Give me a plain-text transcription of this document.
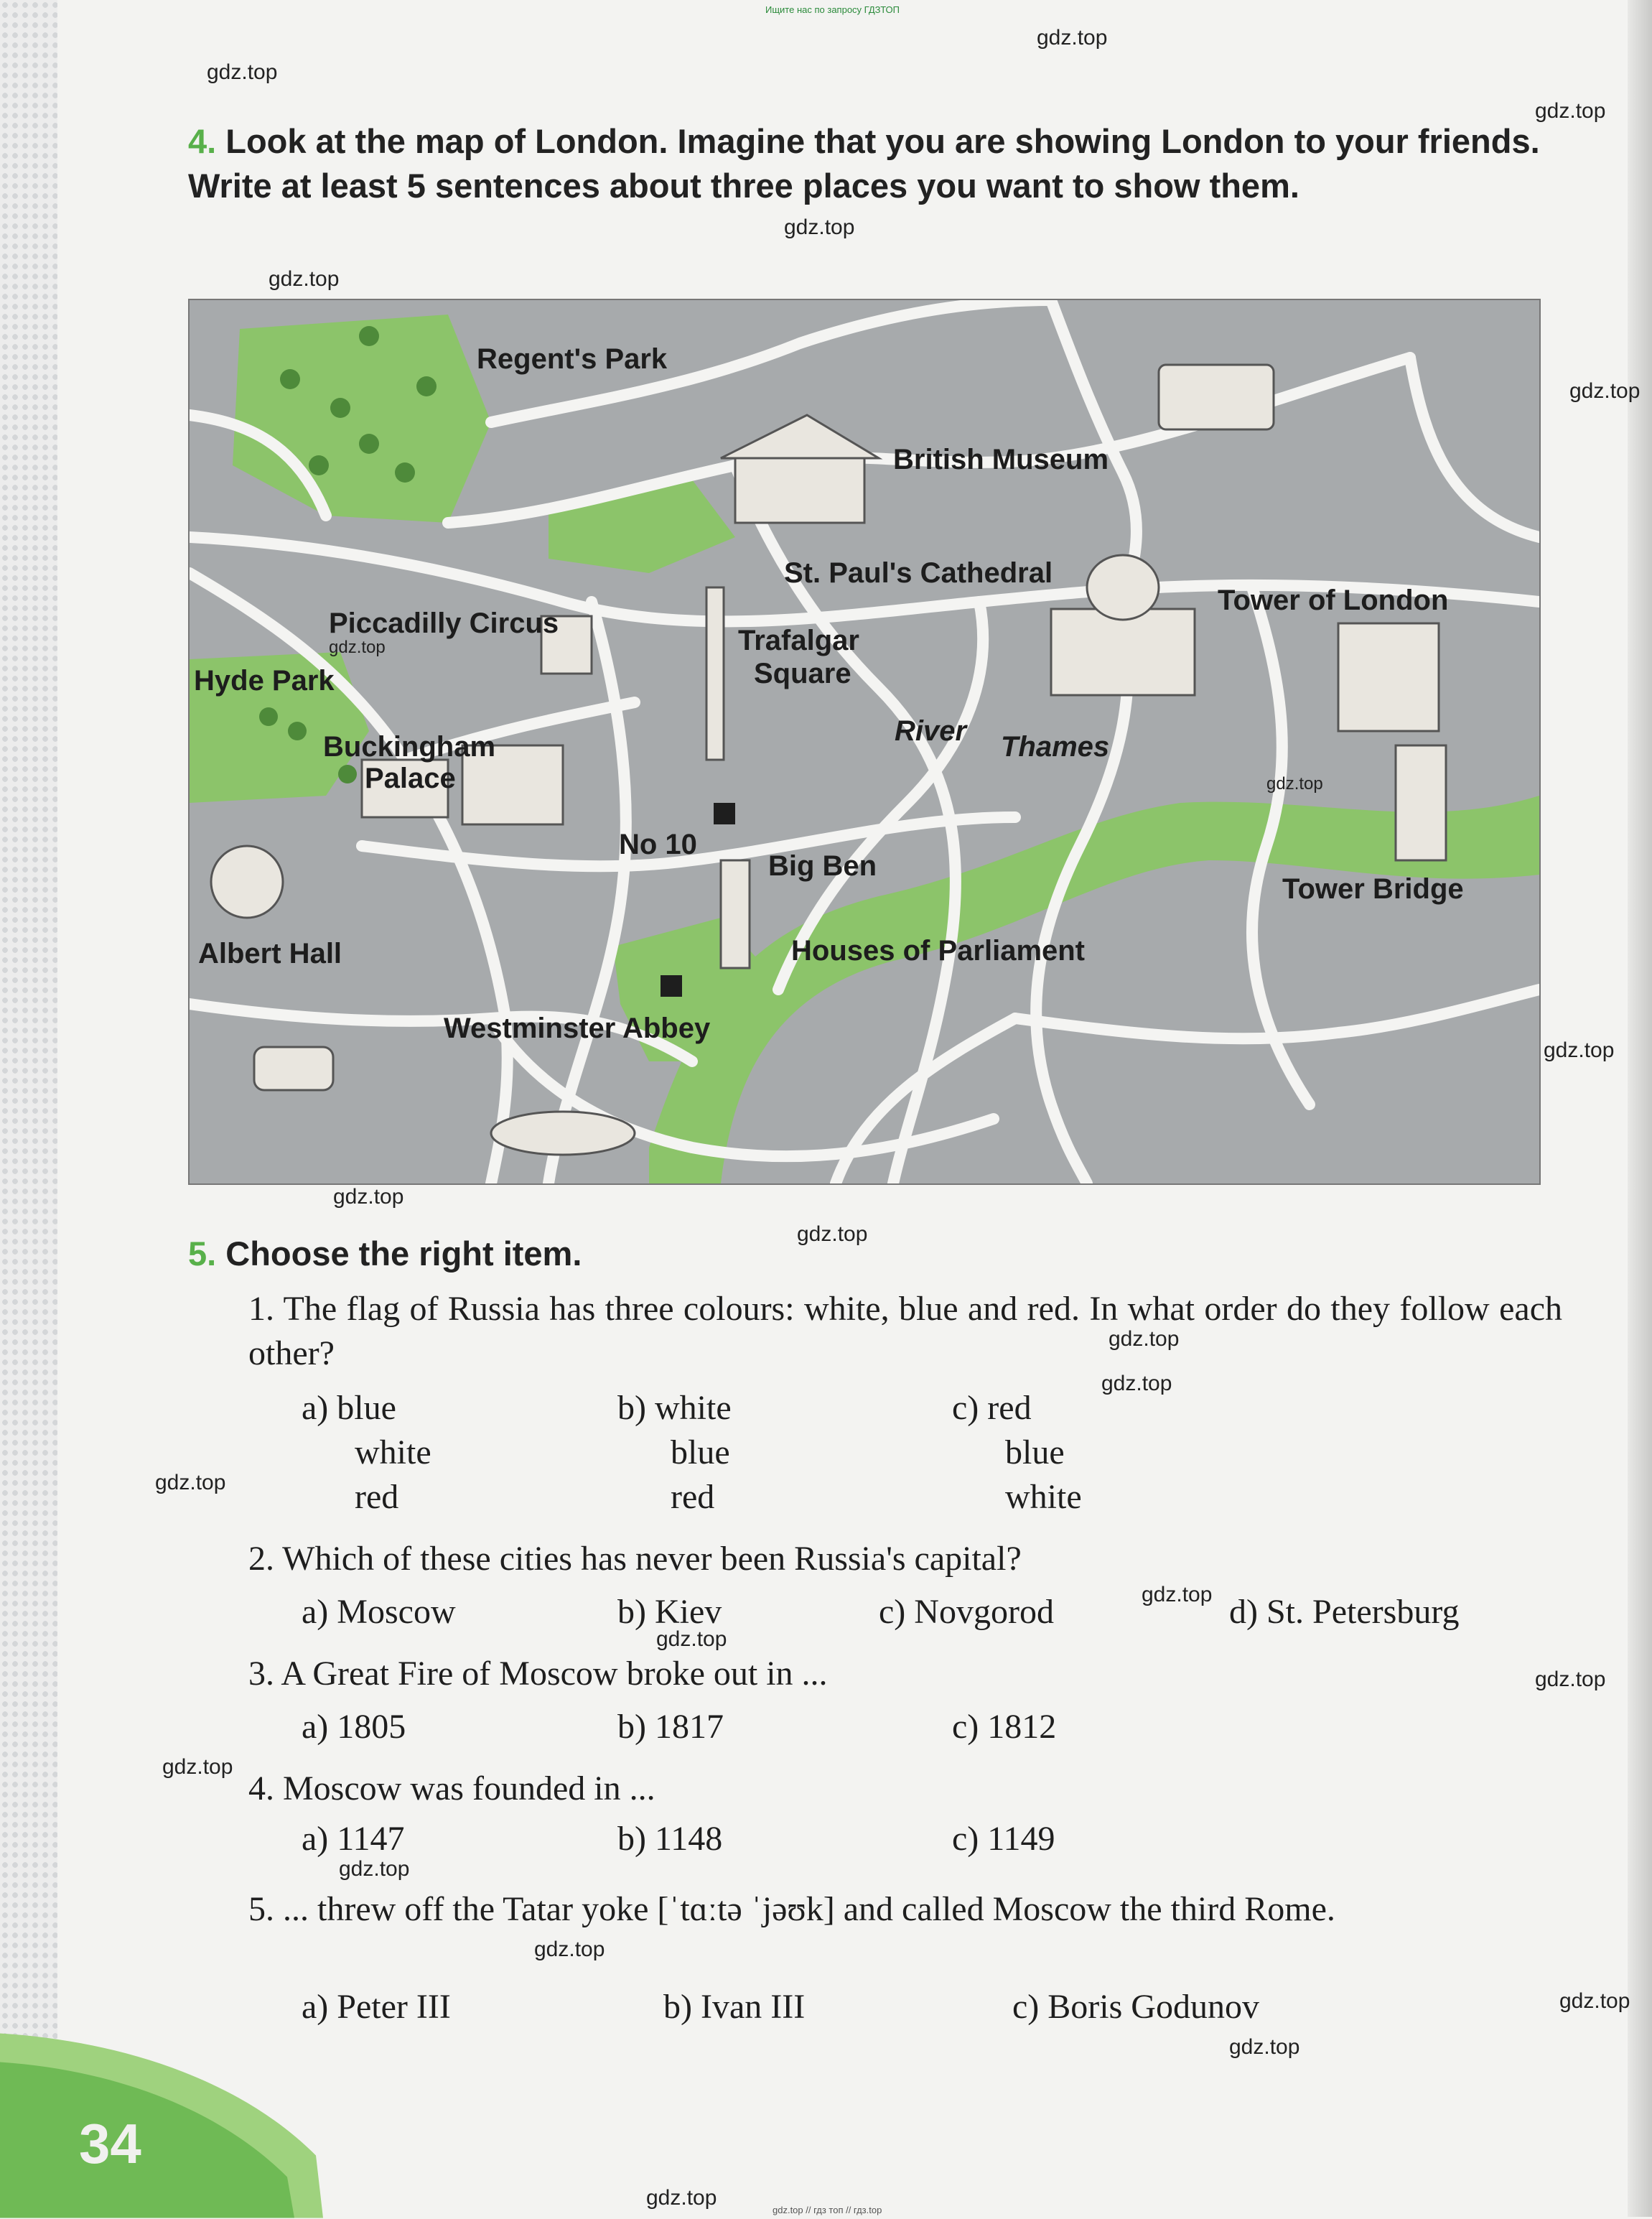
Ищите нас по запросу ГДЗТОП
gdz.top
gdz.top
gdz.top
gdz.top
gdz.top
gdz.top
gdz.top
gdz.top
gdz.top
gdz.top
gdz.top
gdz.top
gdz.top
gdz.top
gdz.top
gdz.top
gdz.top
gdz.top
gdz.top
gdz.top
gdz.top
4. Look at the map of London. Imagine that you are showing London to your friends. Write at least 5 sentences about three places you want to show them.
Regent's Park
British Museum
St. Paul's Cathedral
Tower of London
Piccadilly Circus
Trafalgar
Square
Hyde Park
Buckingham
Palace
River Thames
No 10
Big Ben
Tower Bridge
Albert Hall	Houses of Parliament
Westminster Abbey
gdz.top
gdz.top
5. Choose the right item.
1. The flag of Russia has three colours: white, blue and red. In what order do they follow each other?
a) blue
white
red
b) white
blue
red
c) red
blue
white
2. Which of these cities has never been Russia's capital?
a) Moscow	b) Kiev	c) Novgorod	d) St. Petersburg
3. A Great Fire of Moscow broke out in ...
a) 1805	b) 1817	c) 1812
4. Moscow was founded in ...
a) 1147	b) 1148	c) 1149
5. ... threw off the Tatar yoke [ˈtɑːtə ˈjəʊk] and called Moscow the third Rome.
a) Peter III	b) Ivan III	c) Boris Godunov
34
gdz.top // гдз топ // гдз.top
